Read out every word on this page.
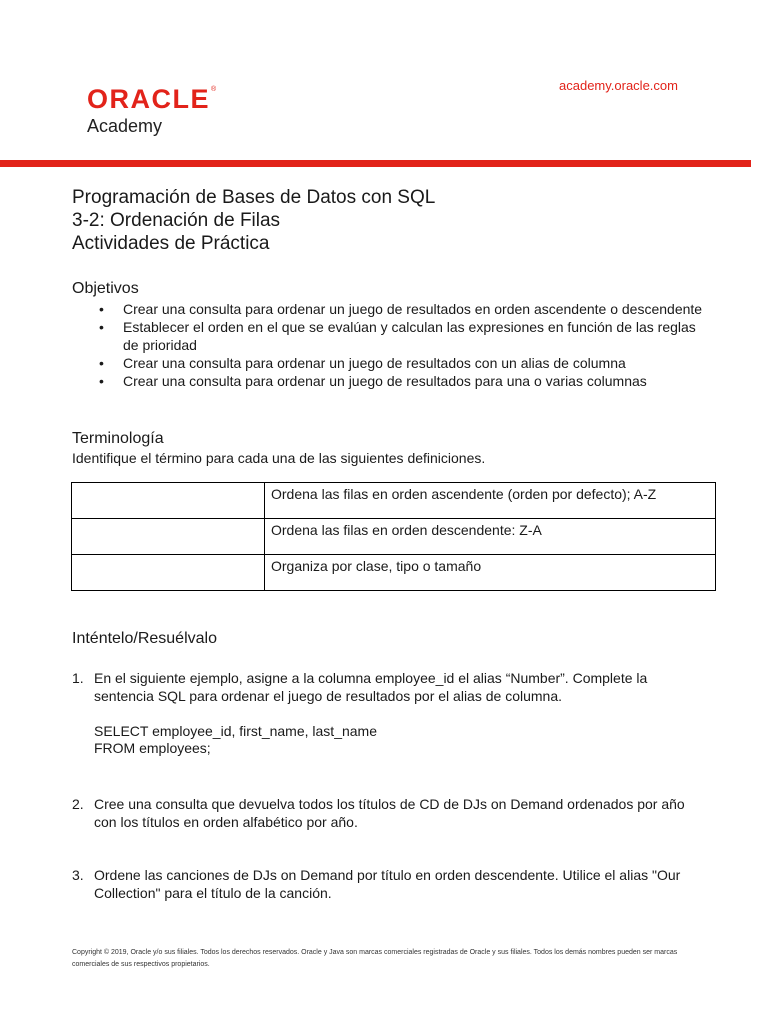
ORACLE ®
Academy
academy.oracle.com
Programación de Bases de Datos con SQL
3-2: Ordenación de Filas
Actividades de Práctica
Objetivos
• Crear una consulta para ordenar un juego de resultados en orden ascendente o descendente
• Establecer el orden en el que se evalúan y calculan las expresiones en función de las reglas de prioridad
• Crear una consulta para ordenar un juego de resultados con un alias de columna
• Crear una consulta para ordenar un juego de resultados para una o varias columnas
Terminología
Identifique el término para cada una de las siguientes definiciones.
	Ordena las filas en orden ascendente (orden por defecto); A-Z
	Ordena las filas en orden descendente: Z-A
	Organiza por clase, tipo o tamaño
Inténtelo/Resuélvalo
1. En el siguiente ejemplo, asigne a la columna employee_id el alias “Number”. Complete la sentencia SQL para ordenar el juego de resultados por el alias de columna.
SELECT employee_id, first_name, last_name
FROM employees;
2. Cree una consulta que devuelva todos los títulos de CD de DJs on Demand ordenados por año con los títulos en orden alfabético por año.
3. Ordene las canciones de DJs on Demand por título en orden descendente. Utilice el alias "Our Collection" para el título de la canción.
Copyright © 2019, Oracle y/o sus filiales. Todos los derechos reservados. Oracle y Java son marcas comerciales registradas de Oracle y sus filiales. Todos los demás nombres pueden ser marcas comerciales de sus respectivos propietarios.
